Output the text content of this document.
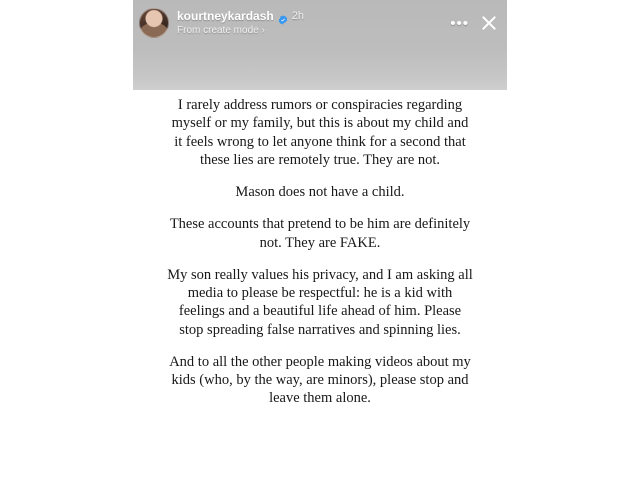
kourtneykardash 2h
From create mode ›	•••

I rarely address rumors or conspiracies regarding myself or my family, but this is about my child and it feels wrong to let anyone think for a second that these lies are remotely true. They are not.

Mason does not have a child.

These accounts that pretend to be him are definitely not. They are FAKE.

My son really values his privacy, and I am asking all media to please be respectful: he is a kid with feelings and a beautiful life ahead of him. Please stop spreading false narratives and spinning lies.

And to all the other people making videos about my kids (who, by the way, are minors), please stop and leave them alone.
